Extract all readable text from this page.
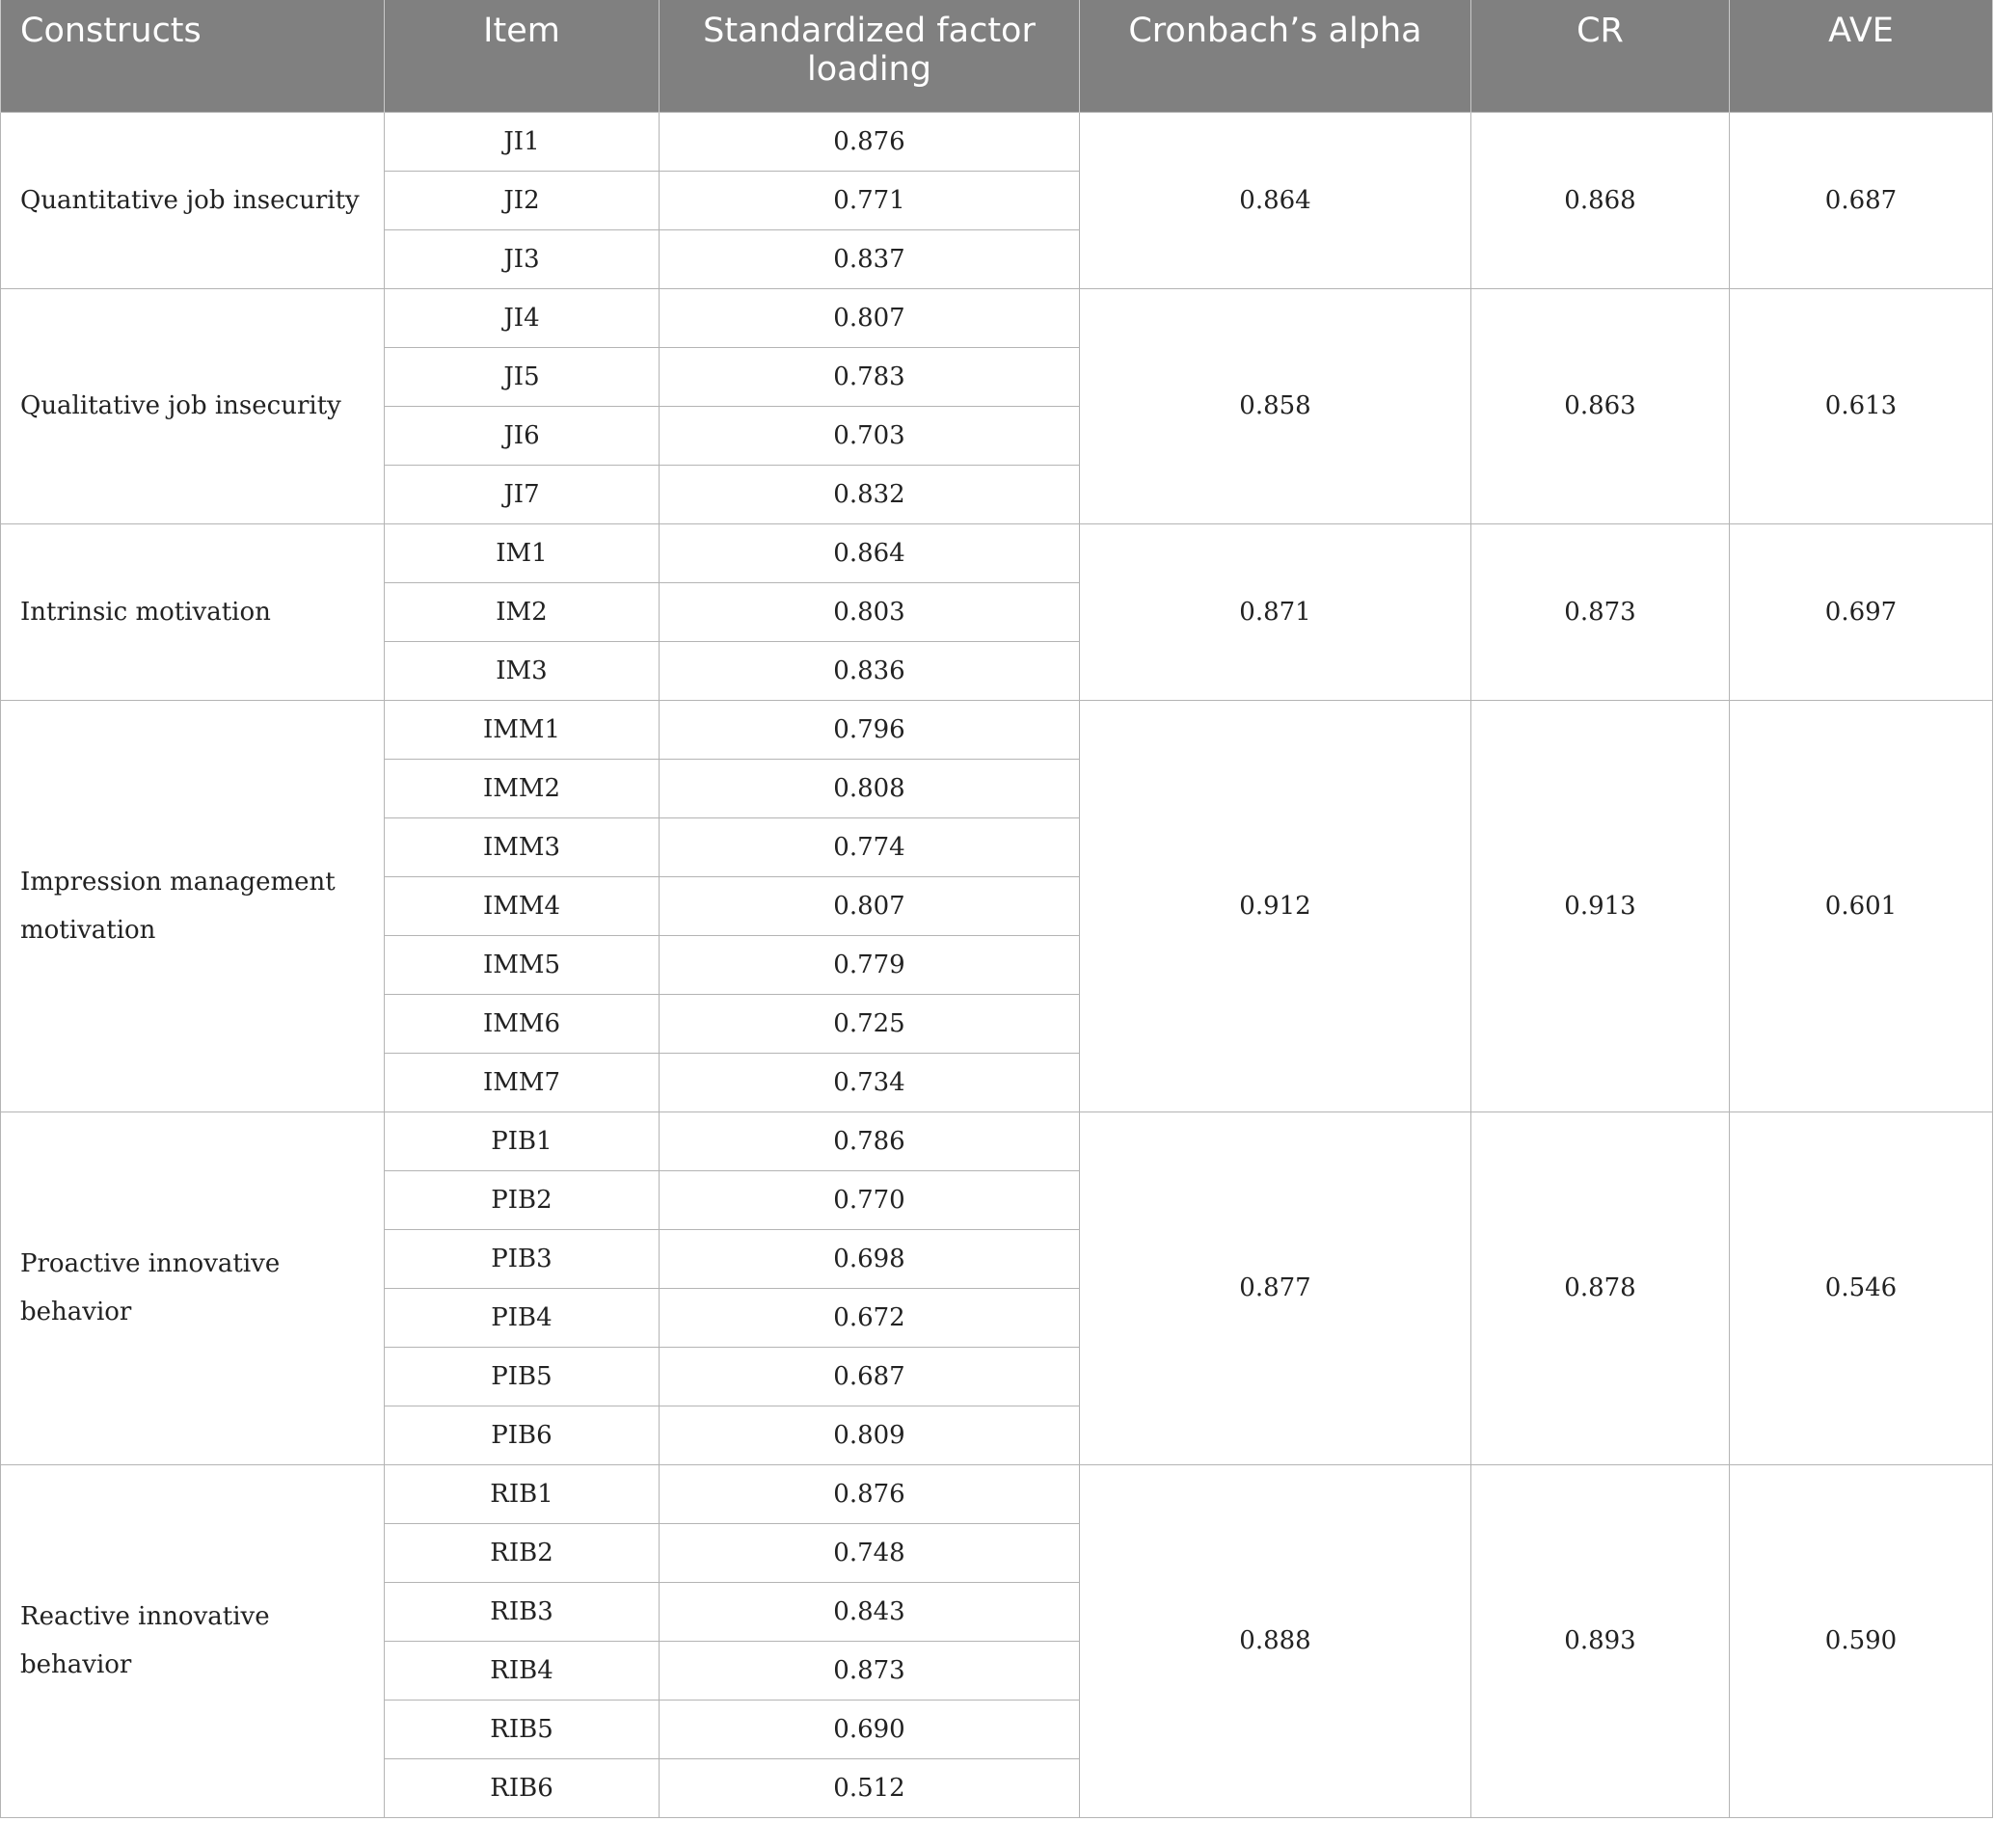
Constructs	Item	Standardized factor loading	Cronbach’s alpha	CR	AVE
Quantitative job insecurity	JI1	0.876	0.864	0.868	0.687
	JI2	0.771			
	JI3	0.837			
Qualitative job insecurity	JI4	0.807	0.858	0.863	0.613
	JI5	0.783			
	JI6	0.703			
	JI7	0.832			
Intrinsic motivation	IM1	0.864	0.871	0.873	0.697
	IM2	0.803			
	IM3	0.836			
Impression management motivation	IMM1	0.796	0.912	0.913	0.601
	IMM2	0.808			
	IMM3	0.774			
	IMM4	0.807			
	IMM5	0.779			
	IMM6	0.725			
	IMM7	0.734			
Proactive innovative behavior	PIB1	0.786	0.877	0.878	0.546
	PIB2	0.770			
	PIB3	0.698			
	PIB4	0.672			
	PIB5	0.687			
	PIB6	0.809			
Reactive innovative behavior	RIB1	0.876	0.888	0.893	0.590
	RIB2	0.748			
	RIB3	0.843			
	RIB4	0.873			
	RIB5	0.690			
	RIB6	0.512			
